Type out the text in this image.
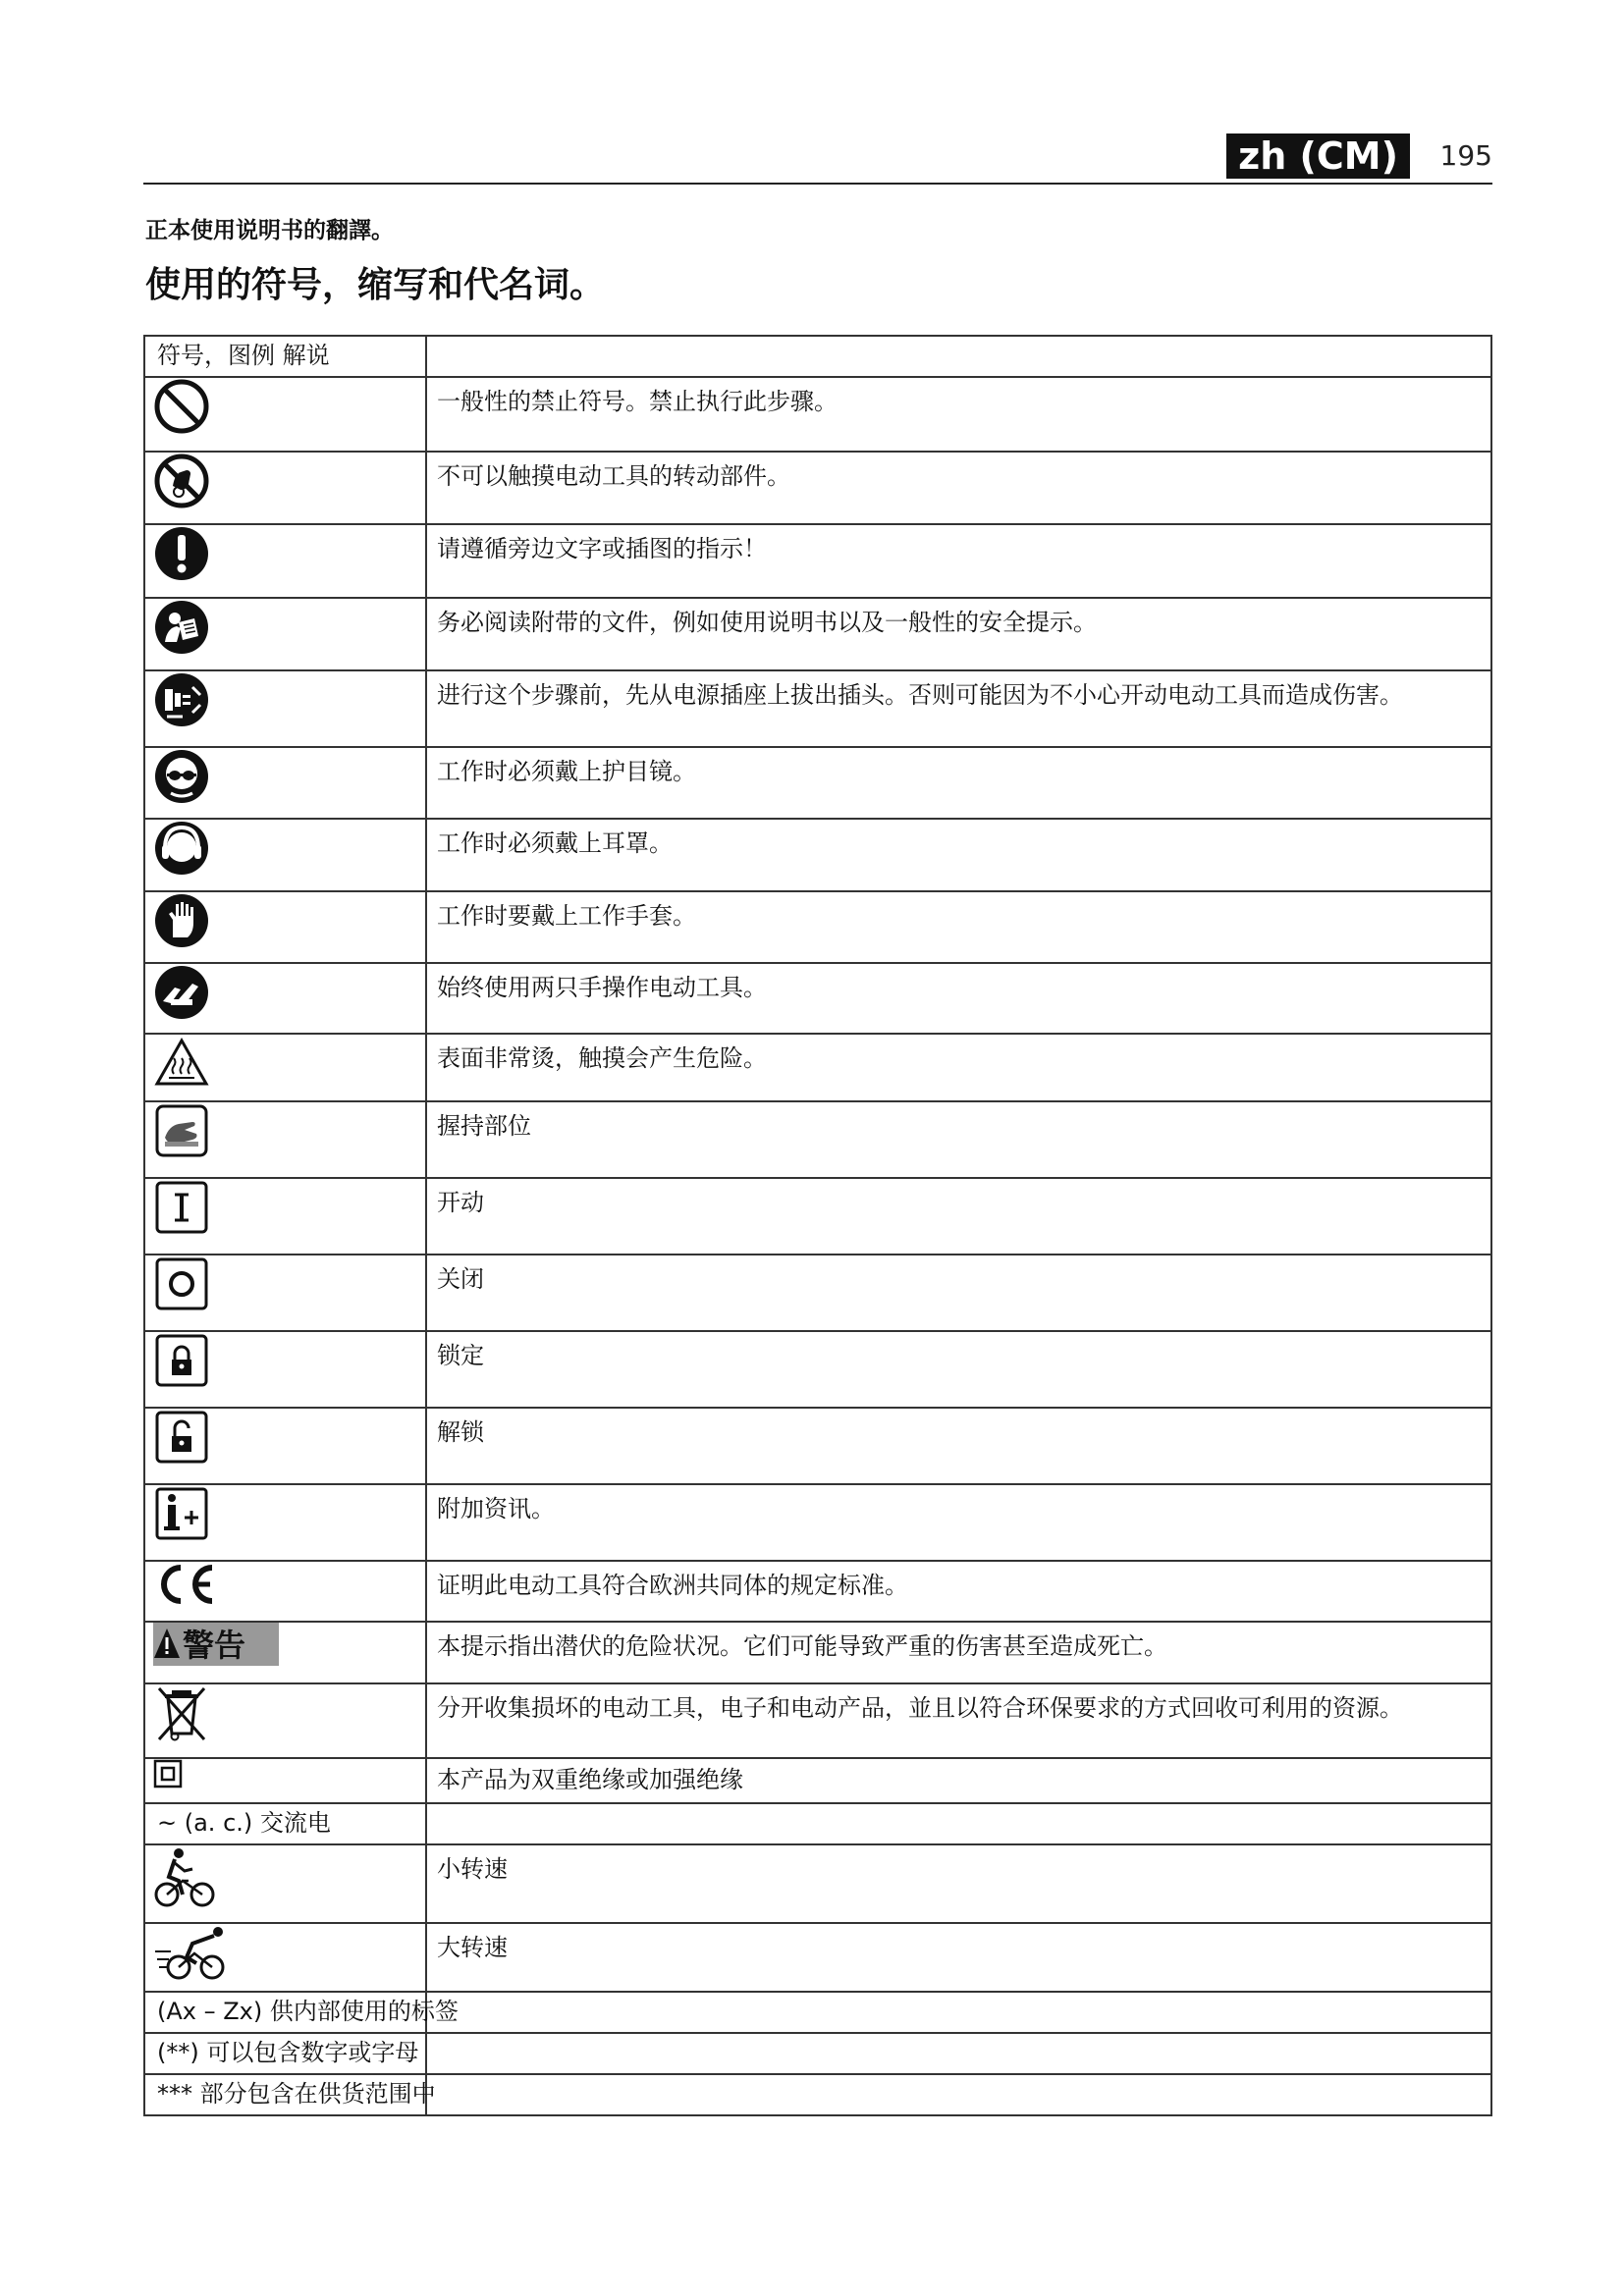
zh (CM)	195
正本使用说明书的翻譯。
使用的符号，缩写和代名词。
符号，图例 解说	

	一般性的禁止符号。禁止执行此步骤。

	不可以触摸电动工具的转动部件。

	请遵循旁边文字或插图的指示！

	务必阅读附带的文件，例如使用说明书以及一般性的安全提示。

	进行这个步骤前，先从电源插座上拔出插头。否则可能因为不小心开动电动工具而造成伤害。

	工作时必须戴上护目镜。

	工作时必须戴上耳罩。

	工作时要戴上工作手套。

	始终使用两只手操作电动工具。

	表面非常烫，触摸会产生危险。

	握持部位

	开动

	关闭

	锁定

	解锁

	附加资讯。

	证明此电动工具符合欧洲共同体的规定标准。

警告	本提示指出潜伏的危险状况。它们可能导致严重的伤害甚至造成死亡。

	分开收集损坏的电动工具，电子和电动产品，並且以符合环保要求的方式回收可利用的资源。

	本产品为双重绝缘或加强绝缘
~ (a. c.) 交流电	

	小转速

	大转速
(Ax – Zx) 供内部使用的标签	
(**) 可以包含数字或字母	
*** 部分包含在供货范围中	
